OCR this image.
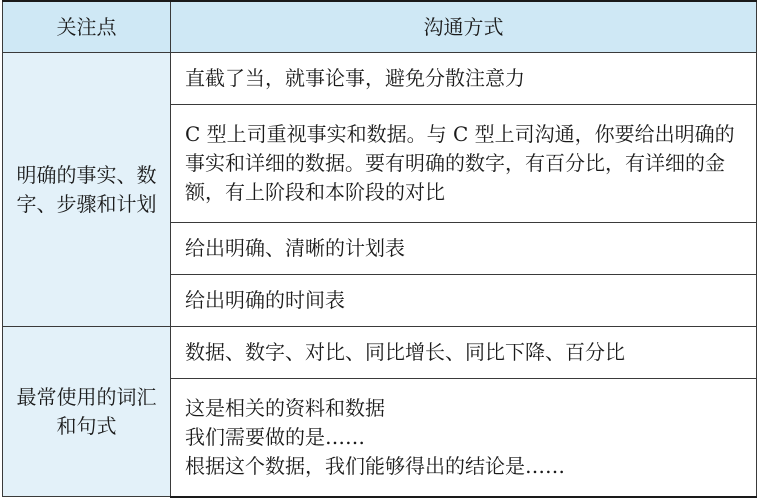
关注点	沟通方式
明确的事实、数字、步骤和计划	直截了当，就事论事，避免分散注意力
	C 型上司重视事实和数据。与 C 型上司沟通，你要给出明确的事实和详细的数据。要有明确的数字，有百分比，有详细的金额，有上阶段和本阶段的对比
	给出明确、清晰的计划表
	给出明确的时间表
最常使用的词汇和句式	数据、数字、对比、同比增长、同比下降、百分比

	这是相关的资料和数据
我们需要做的是……
根据这个数据，我们能够得出的结论是……
